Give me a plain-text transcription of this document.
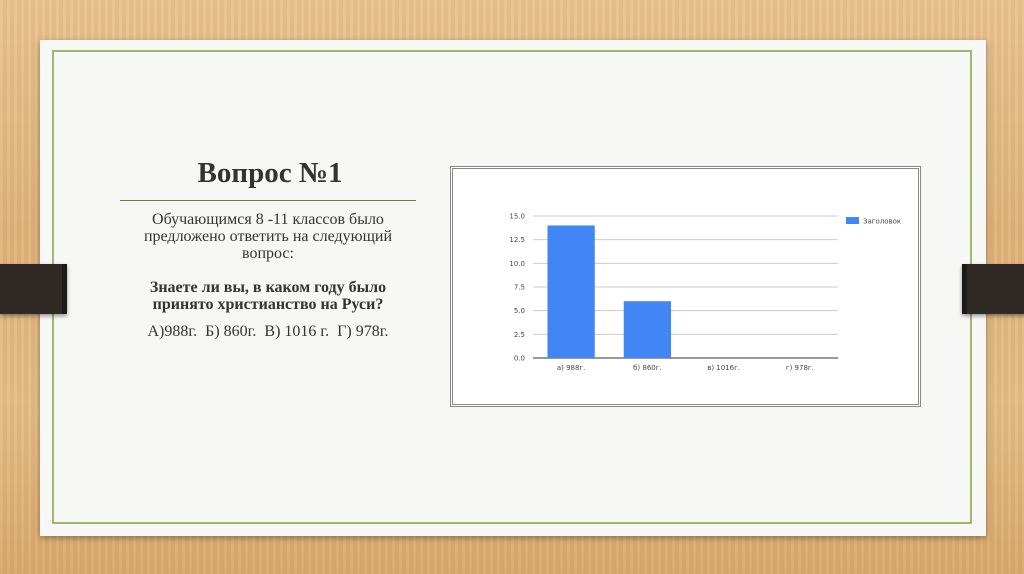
Вопрос №1
Обучающимся 8 -11 классов было предложено ответить на следующий вопрос:
Знаете ли вы, в каком году было принято христианство на Руси?
А)988г.  Б) 860г.  В) 1016 г.  Г) 978г.
0.0
2.5
5.0
7.5
10.0
12.5
15.0
а) 988г.	б) 860г.	в) 1016г.	г) 978г.
Заголовок
